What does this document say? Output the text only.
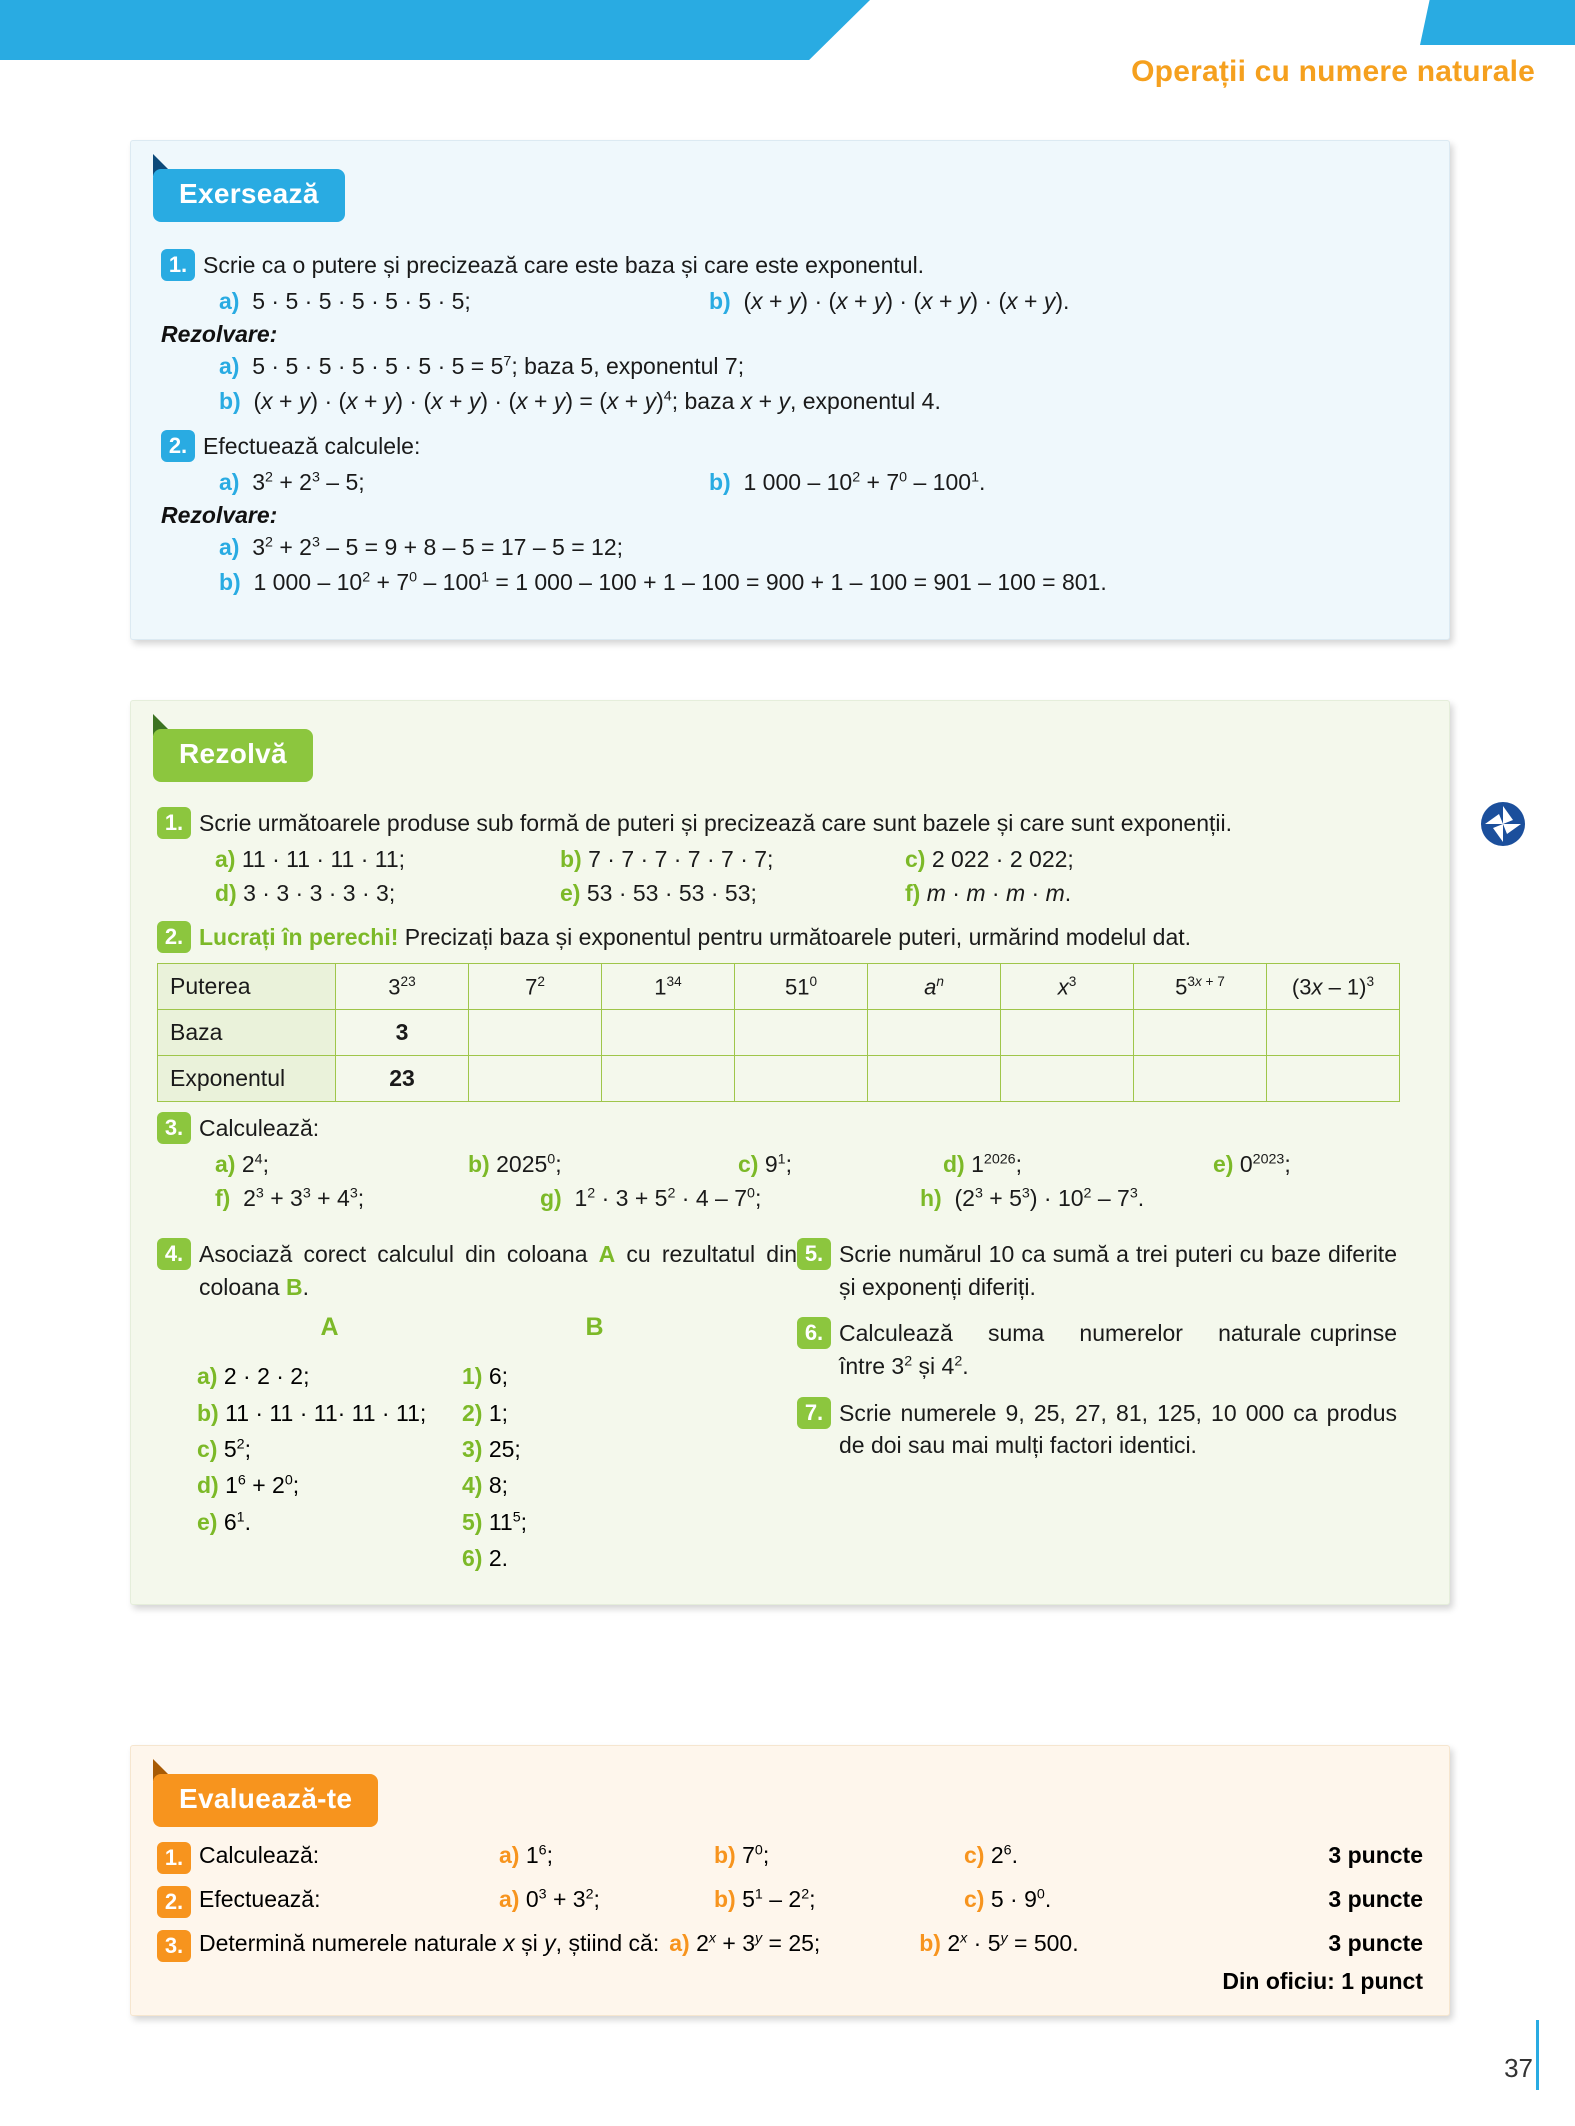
Operații cu numere naturale
Exersează
1. Scrie ca o putere și precizează care este baza și care este exponentul.
a)  5 · 5 · 5 · 5 · 5 · 5 · 5;	b)  (x + y) · (x + y) · (x + y) · (x + y).
Rezolvare:
a)  $5 \cdot 5 \cdot 5 \cdot 5 \cdot 5 \cdot 5 \cdot 5 = 5^7$; baza 5, exponentul 7;
b)  $(x + y) \cdot (x + y) \cdot (x + y) \cdot (x + y) = (x + y)^4$; baza x + y, exponentul 4.
2. Efectuează calculele:
a)  $3^2 + 2^3 - 5$;	b)  1 $000 - 10^2 + 7^0 - 100^1$.
Rezolvare:
a)  $3^2 + 2^3 - 5 = 9 + 8 - 5 = 17 - 5 = 12$;
b)  1 $000 - 10^2 + 7^0 - 100^1 = 1$ 000 – 100 + 1 – 100 = 900 + 1 – 100 = 901 – 100 = 801.
Rezolvă
1. Scrie următoarele produse sub formă de puteri și precizează care sunt bazele și care sunt exponenții.
a) 11 · 11 · 11 · 11;	b) 7 · 7 · 7 · 7 · 7 · 7;	c) 2 022 · 2 022;
d) 3 · 3 · 3 · 3 · 3;	e) 53 · 53 · 53 · 53;	f) m · m · m · m.
2. Lucrați în perechi! Precizați baza și exponentul pentru următoarele puteri, urmărind modelul dat.
Puterea	$3^{23}$	$7^2$	$1^{34}$	$51^0$	$a^n$	$x^3$	$5^{3x + 7}$	(3x – 1)$^3$
Baza	3							
Exponentul	23							
3. Calculează:
a) $2^4$;	b) 2025$^0$;	c) $9^1$;	d) $1^{2026}$;	e) $0^{2023}$;
f)  $2^3 + 3^3 + 4^3$;	g)  $1^2 \cdot 3 + 5^2 \cdot 4 - 7^0$;	h)  $(2^3 + 5^3) \cdot 10^2 - 7^3$.
4. Asociază corect calculul din coloana A cu rezultatul din coloana B.
A
a) 2 · 2 · 2;
b) 11 · 11 · 11· 11 · 11;
c) $5^2$;
d) $1^6 + 2^0$;
e) $6^1$.
B
1) 6;
2) 1;
3) 25;
4) 8;
5) $11^5$;
6) 2.
5. Scrie numărul 10 ca sumă a trei puteri cu baze diferite și exponenți diferiți.
6. Calculează    suma    numerelor    naturale cuprinse între $3^2$ și $4^2$.
7. Scrie numerele 9, 25, 27, 81, 125, 10 000 ca produs de doi sau mai mulți factori identici.
Evaluează-te
1. Calculează:	a) $1^6$;	b) $7^0$;	c) $2^6$.	3 puncte
2. Efectuează:	a) $0^3 + 3^2$;	b) $5^1 - 2^2$;	c) $5 \cdot 9^0$.	3 puncte
3. Determină numerele naturale x și y, știind că: a) $2^x + 3^y = 25$;	b) $2^x \cdot 5^y = 500$.	3 puncte
Din oficiu: 1 punct
37
